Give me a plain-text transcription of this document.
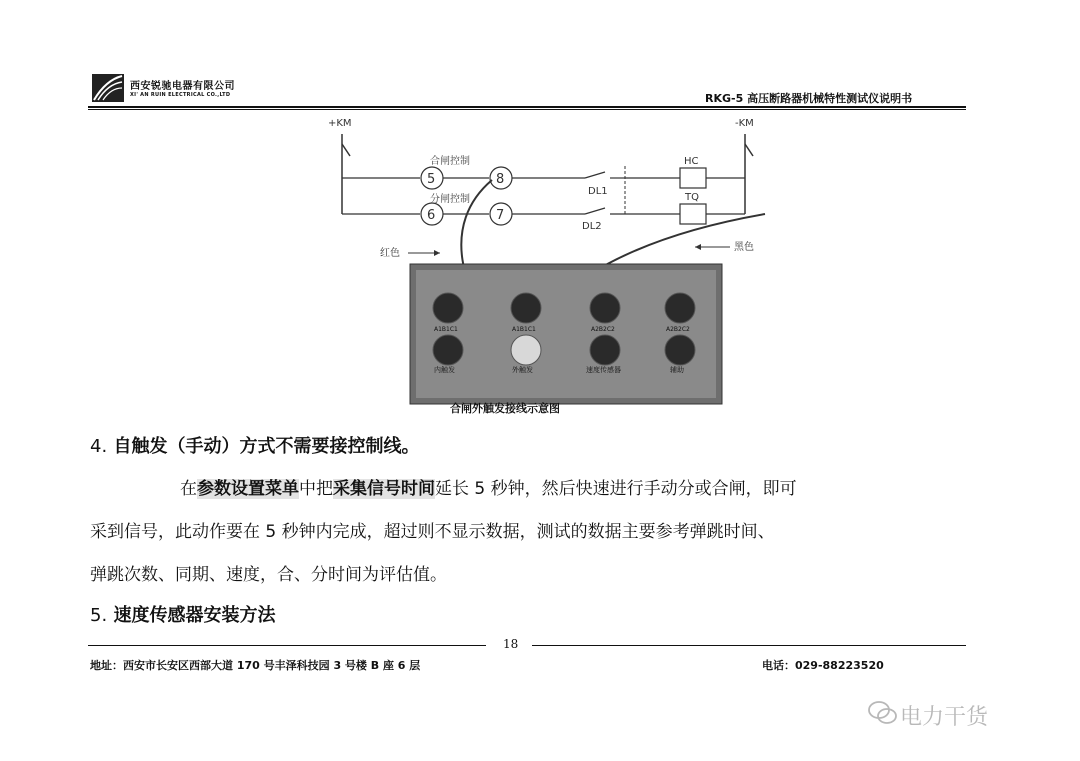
西安锐驰电器有限公司
XI' AN RUIN ELECTRICAL CO.,LTD	RKG-5 高压断路器机械特性测试仪说明书
+KM	-KM
5	8
合闸控制
DL1
HC
6	7
分闸控制
DL2
TQ
红色
黑色
A1B1C1	A1B1C1	A2B2C2	A2B2C2
内触发	外触发	速度传感器	辅助
合闸外触发接线示意图
4. 自触发（手动）方式不需要接控制线。
在参数设置菜单中把采集信号时间延长 5 秒钟，然后快速进行手动分或合闸，即可
采到信号，此动作要在 5 秒钟内完成，超过则不显示数据，测试的数据主要参考弹跳时间、
弹跳次数、同期、速度，合、分时间为评估值。
5. 速度传感器安装方法
18
地址：西安市长安区西部大道 170 号丰泽科技园 3 号楼 B 座 6 层	电话：029-88223520
电力干货
